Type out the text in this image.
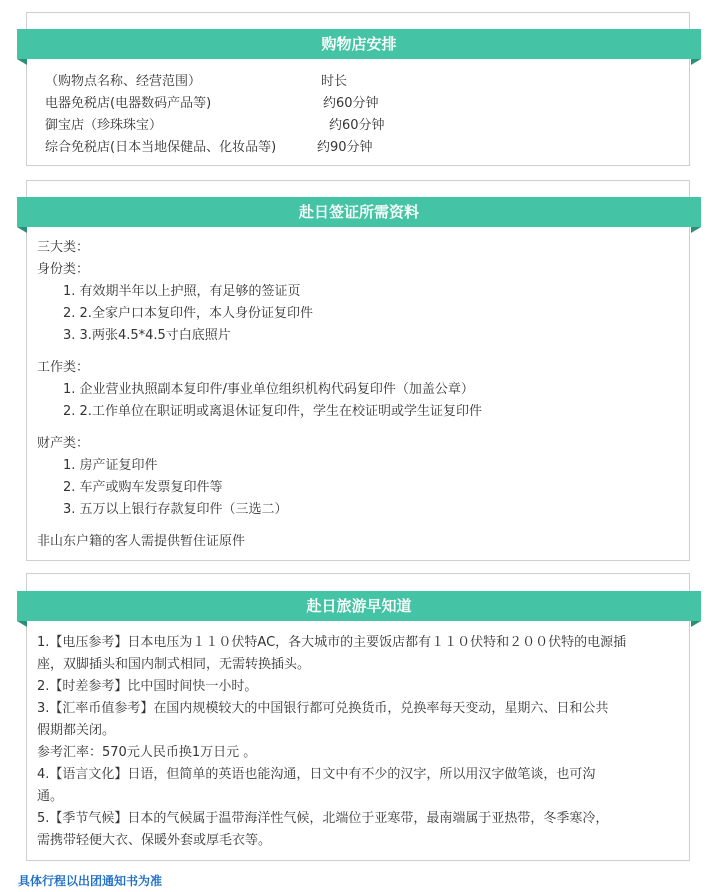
购物店安排
（购物点名称、经营范围）	时长
电器免税店(电器数码产品等)	约60分钟
御宝店（珍珠珠宝）	约60分钟
综合免税店(日本当地保健品、化妆品等)	约90分钟
赴日签证所需资料
三大类：
身份类：
1. 有效期半年以上护照，有足够的签证页
2. 2.全家户口本复印件，本人身份证复印件
3. 3.两张4.5*4.5寸白底照片
工作类：
1. 企业营业执照副本复印件/事业单位组织机构代码复印件（加盖公章）
2. 2.工作单位在职证明或离退休证复印件，学生在校证明或学生证复印件
财产类：
1. 房产证复印件
2. 车产或购车发票复印件等
3. 五万以上银行存款复印件（三选二）
非山东户籍的客人需提供暂住证原件
赴日旅游早知道
1.【电压参考】日本电压为１１０伏特AC，各大城市的主要饭店都有１１０伏特和２００伏特的电源插
座，双脚插头和国内制式相同，无需转换插头。
2.【时差参考】比中国时间快一小时。
3.【汇率币值参考】在国内规模较大的中国银行都可兑换货币，兑换率每天变动，星期六、日和公共
假期都关闭。
参考汇率：570元人民币换1万日元 。
4.【语言文化】日语，但简单的英语也能沟通，日文中有不少的汉字，所以用汉字做笔谈，也可沟
通。
5.【季节气候】日本的气候属于温带海洋性气候，北端位于亚寒带，最南端属于亚热带，冬季寒冷，
需携带轻便大衣、保暖外套或厚毛衣等。
具体行程以出团通知书为准
